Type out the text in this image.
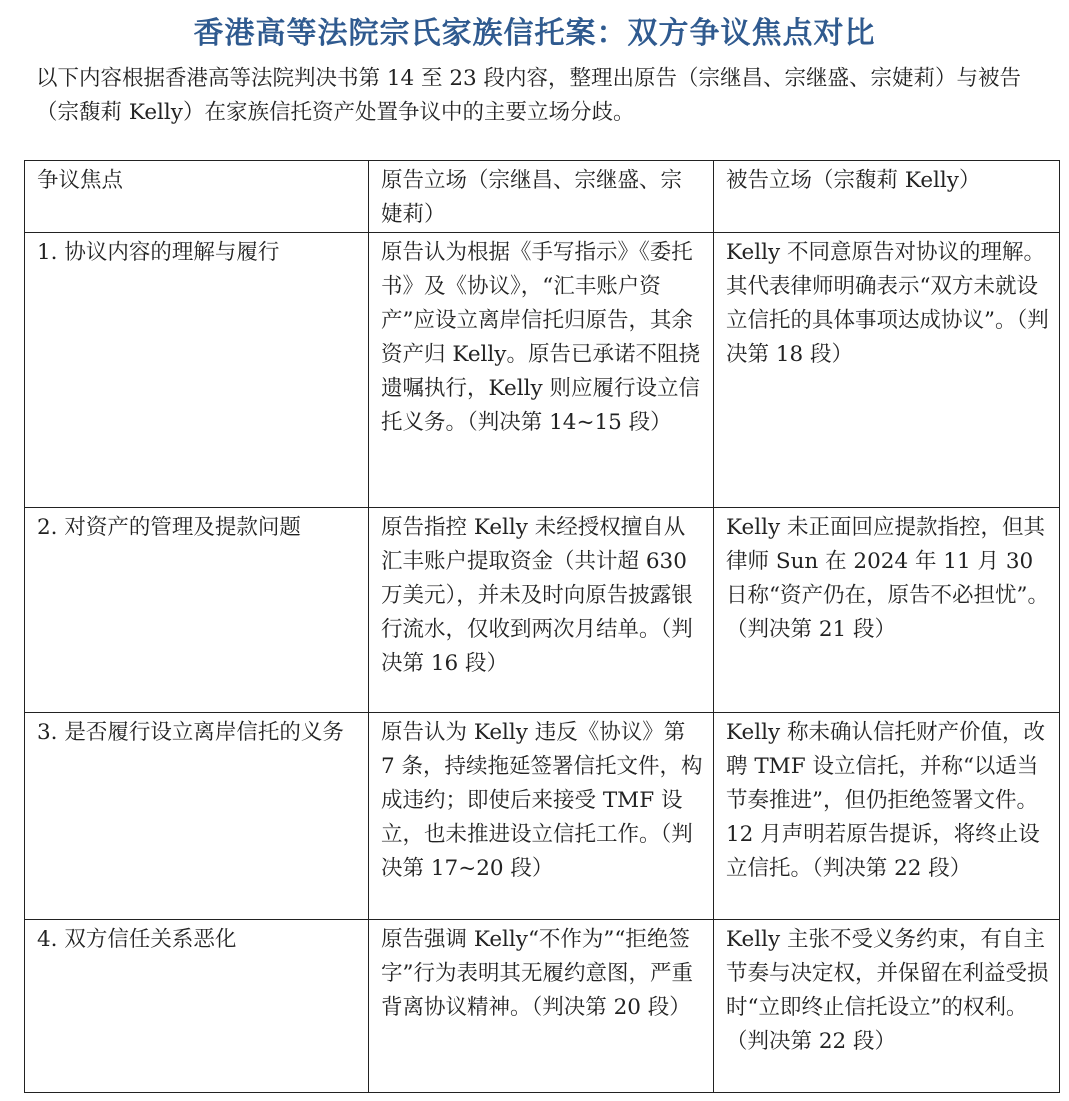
香港高等法院宗氏家族信托案：双方争议焦点对比
以下内容根据香港高等法院判决书第 14 至 23 段内容，整理出原告（宗继昌、宗继盛、宗婕莉）与被告（宗馥莉 Kelly）在家族信托资产处置争议中的主要立场分歧。
争议焦点	原告立场（宗继昌、宗继盛、宗婕莉）	被告立场（宗馥莉 Kelly）
1. 协议内容的理解与履行	原告认为根据《手写指示》《委托书》及《协议》，“汇丰账户资产”应设立离岸信托归原告，其余资产归 Kelly。原告已承诺不阻挠遗嘱执行，Kelly 则应履行设立信托义务。（判决第 14~15 段）	Kelly 不同意原告对协议的理解。其代表律师明确表示“双方未就设立信托的具体事项达成协议”。（判决第 18 段）
2. 对资产的管理及提款问题	原告指控 Kelly 未经授权擅自从汇丰账户提取资金（共计超 630 万美元），并未及时向原告披露银行流水，仅收到两次月结单。（判决第 16 段）	Kelly 未正面回应提款指控，但其律师 Sun 在 2024 年 11 月 30 日称“资产仍在，原告不必担忧”。（判决第 21 段）
3. 是否履行设立离岸信托的义务	原告认为 Kelly 违反《协议》第 7 条，持续拖延签署信托文件，构成违约；即使后来接受 TMF 设立，也未推进设立信托工作。（判决第 17~20 段）	Kelly 称未确认信托财产价值，改聘 TMF 设立信托，并称“以适当节奏推进”，但仍拒绝签署文件。12 月声明若原告提诉，将终止设立信托。（判决第 22 段）
4. 双方信任关系恶化	原告强调 Kelly“不作为”“拒绝签字”行为表明其无履约意图，严重背离协议精神。（判决第 20 段）	Kelly 主张不受义务约束，有自主节奏与决定权，并保留在利益受损时“立即终止信托设立”的权利。（判决第 22 段）
